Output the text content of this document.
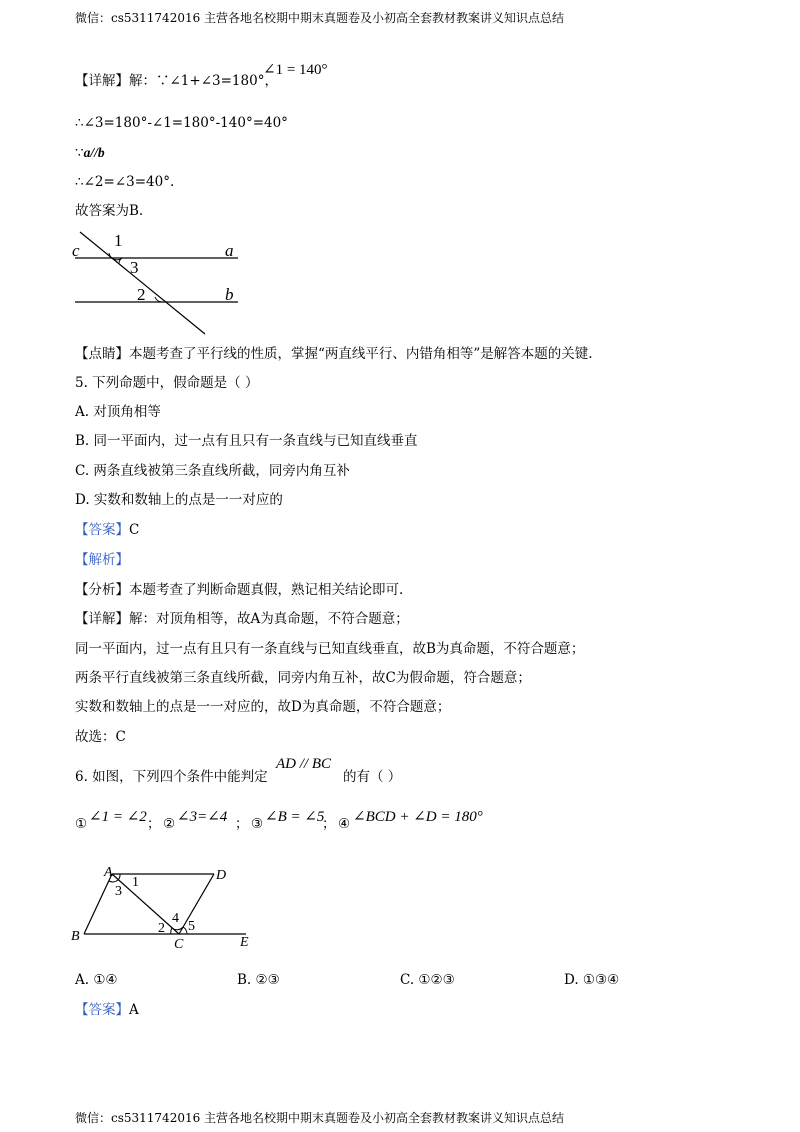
微信：cs5311742016 主营各地名校期中期末真题卷及小初高全套教材教案讲义知识点总结
【详解】解：∵∠1+∠3=180°，
∠1 = 140°
∴∠3=180°-∠1=180°-140°=40°
∵a//b
∴∠2=∠3=40°.
故答案为B.
c	a
b
1
2
3
【点睛】本题考查了平行线的性质，掌握“两直线平行、内错角相等”是解答本题的关键.
5. 下列命题中，假命题是（ ）
A. 对顶角相等
B. 同一平面内，过一点有且只有一条直线与已知直线垂直
C. 两条直线被第三条直线所截，同旁内角互补
D. 实数和数轴上的点是一一对应的
【答案】C
【解析】
【分析】本题考查了判断命题真假，熟记相关结论即可.
【详解】解：对顶角相等，故A为真命题，不符合题意；
同一平面内，过一点有且只有一条直线与已知直线垂直，故B为真命题，不符合题意；
两条平行直线被第三条直线所截，同旁内角互补，故C为假命题，符合题意；
实数和数轴上的点是一一对应的，故D为真命题，不符合题意；
故选：C
6. 如图，下列四个条件中能判定
AD // BC
的有（ ）
① ∠1 = ∠2 ； ② ∠3=∠4 ； ③ ∠B = ∠5
； ④ ∠BCD + ∠D = 180°
A
B
C
D
E
1
2
3
4
5
A. ①④	B. ②③	C. ①②③	D. ①③④
【答案】A
微信：cs5311742016 主营各地名校期中期末真题卷及小初高全套教材教案讲义知识点总结
